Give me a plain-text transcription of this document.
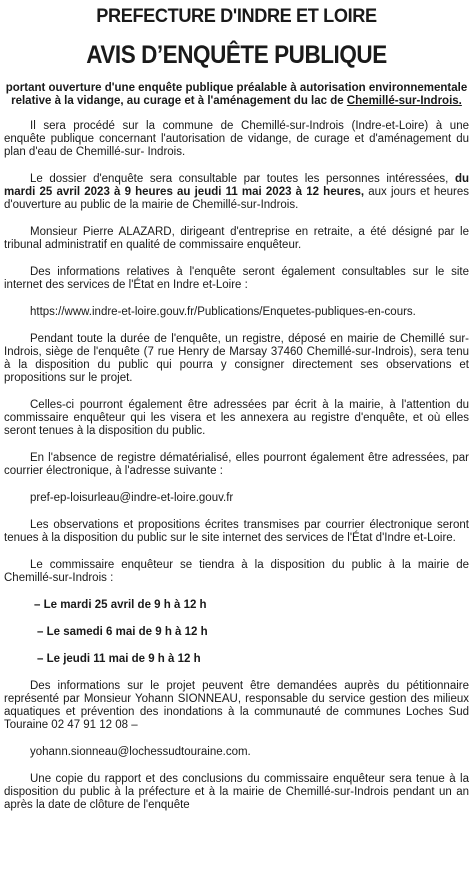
PREFECTURE D'INDRE ET LOIRE
AVIS D’ENQUÊTE PUBLIQUE
portant ouverture d'une enquête publique préalable à autorisation environnementale relative à la vidange, au curage et à l'aménagement du lac de Chemillé-sur-Indrois.

Il sera procédé sur la commune de Chemillé-sur-Indrois (Indre-et-Loire) à une enquête publique concernant l'autorisation de vidange, de curage et d'aménagement du plan d'eau de Chemillé-sur- Indrois.

Le dossier d'enquête sera consultable par toutes les personnes intéressées, du mardi 25 avril 2023 à 9 heures au jeudi 11 mai 2023 à 12 heures, aux jours et heures d'ouverture au public de la mairie de Chemillé-sur-Indrois.

Monsieur Pierre ALAZARD, dirigeant d'entreprise en retraite, a été désigné par le tribunal administratif en qualité de commissaire enquêteur.

Des informations relatives à l'enquête seront également consultables sur le site internet des services de l'État en Indre et-Loire :

https://www.indre-et-loire.gouv.fr/Publications/Enquetes-publiques-en-cours.

Pendant toute la durée de l'enquête, un registre, déposé en mairie de Chemillé sur-Indrois, siège de l'enquête (7 rue Henry de Marsay 37460 Chemillé-sur-Indrois), sera tenu à la disposition du public qui pourra y consigner directement ses observations et propositions sur le projet.

Celles-ci pourront également être adressées par écrit à la mairie, à l'attention du commissaire enquêteur qui les visera et les annexera au registre d'enquête, et où elles seront tenues à la disposition du public.

En l'absence de registre dématérialisé, elles pourront également être adressées, par courrier électronique, à l'adresse suivante :

pref-ep-loisurleau@indre-et-loire.gouv.fr

Les observations et propositions écrites transmises par courrier électronique seront tenues à la disposition du public sur le site internet des services de l'État d'Indre et-Loire.

Le commissaire enquêteur se tiendra à la disposition du public à la mairie de Chemillé-sur-Indrois :

– Le mardi 25 avril de 9 h à 12 h

– Le samedi 6 mai de 9 h à 12 h

– Le jeudi 11 mai de 9 h à 12 h

Des informations sur le projet peuvent être demandées auprès du pétitionnaire représenté par Monsieur Yohann SIONNEAU, responsable du service gestion des milieux aquatiques et prévention des inondations à la communauté de communes Loches Sud Touraine 02 47 91 12 08 –

yohann.sionneau@lochessudtouraine.com.

Une copie du rapport et des conclusions du commissaire enquêteur sera tenue à la disposition du public à la préfecture et à la mairie de Chemillé-sur-Indrois pendant un an après la date de clôture de l'enquête
